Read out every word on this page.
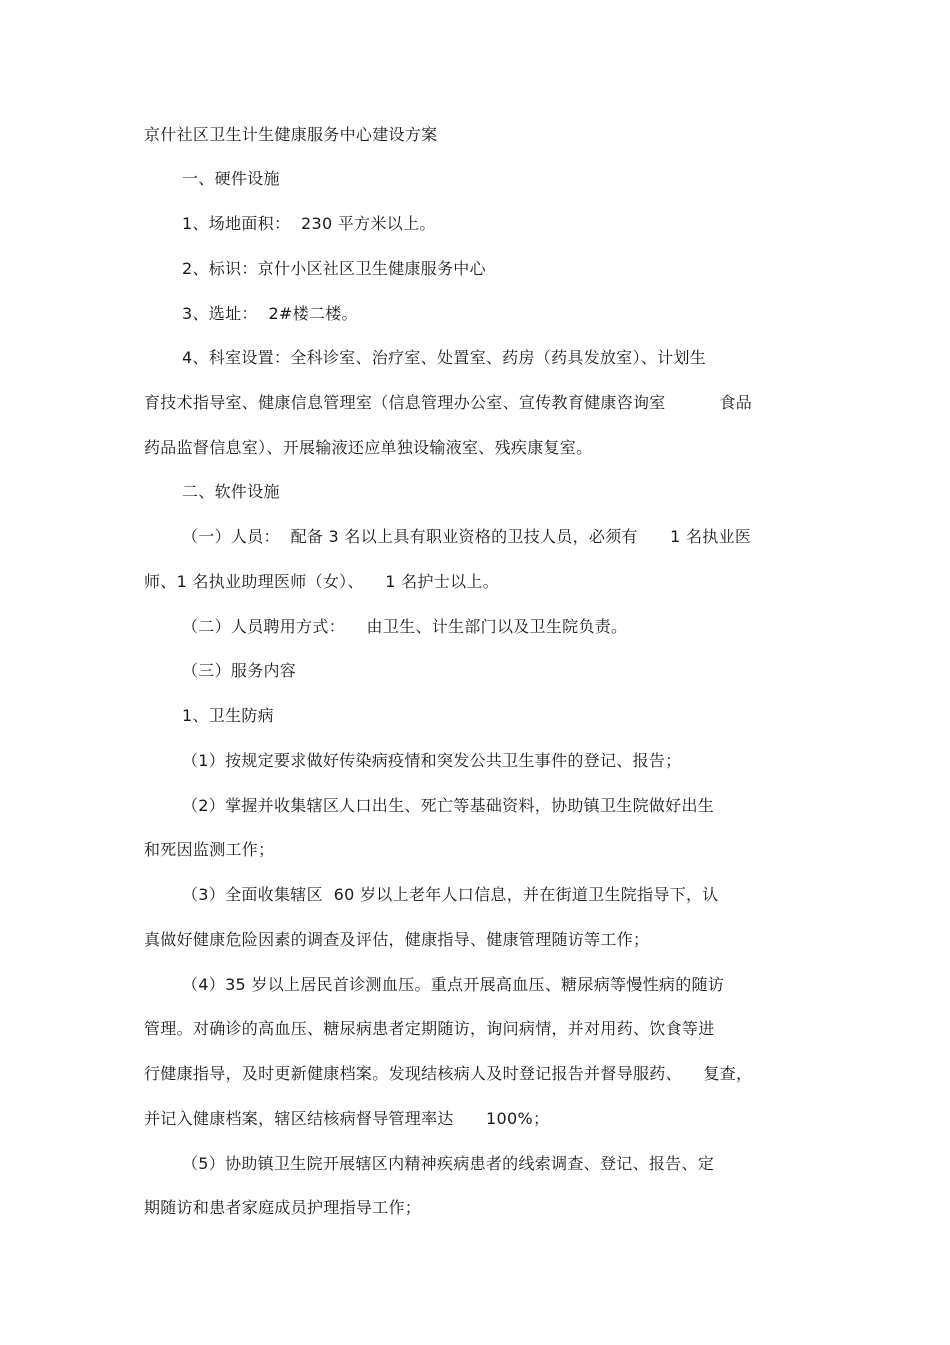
京什社区卫生计生健康服务中心建设方案
一、硬件设施
1、场地面积：  230 平方米以上。
2、标识：京什小区社区卫生健康服务中心
3、选址：  2#楼二楼。
4、科室设置：全科诊室、治疗室、处置室、药房（药具发放室）、计划生
育技术指导室、健康信息管理室（信息管理办公室、宣传教育健康咨询室          食品
药品监督信息室）、开展输液还应单独设输液室、残疾康复室。
二、软件设施
（一）人员：  配备 3 名以上具有职业资格的卫技人员，必须有      1 名执业医
师、1 名执业助理医师（女）、    1 名护士以上。
（二）人员聘用方式：    由卫生、计生部门以及卫生院负责。
（三）服务内容
1、卫生防病
（1）按规定要求做好传染病疫情和突发公共卫生事件的登记、报告；
（2）掌握并收集辖区人口出生、死亡等基础资料，协助镇卫生院做好出生
和死因监测工作；
（3）全面收集辖区  60 岁以上老年人口信息，并在街道卫生院指导下，认
真做好健康危险因素的调查及评估，健康指导、健康管理随访等工作；
（4）35 岁以上居民首诊测血压。重点开展高血压、糖尿病等慢性病的随访
管理。对确诊的高血压、糖尿病患者定期随访，询问病情，并对用药、饮食等进
行健康指导，及时更新健康档案。发现结核病人及时登记报告并督导服药、    复查，
并记入健康档案，辖区结核病督导管理率达      100%；
（5）协助镇卫生院开展辖区内精神疾病患者的线索调查、登记、报告、定
期随访和患者家庭成员护理指导工作；
